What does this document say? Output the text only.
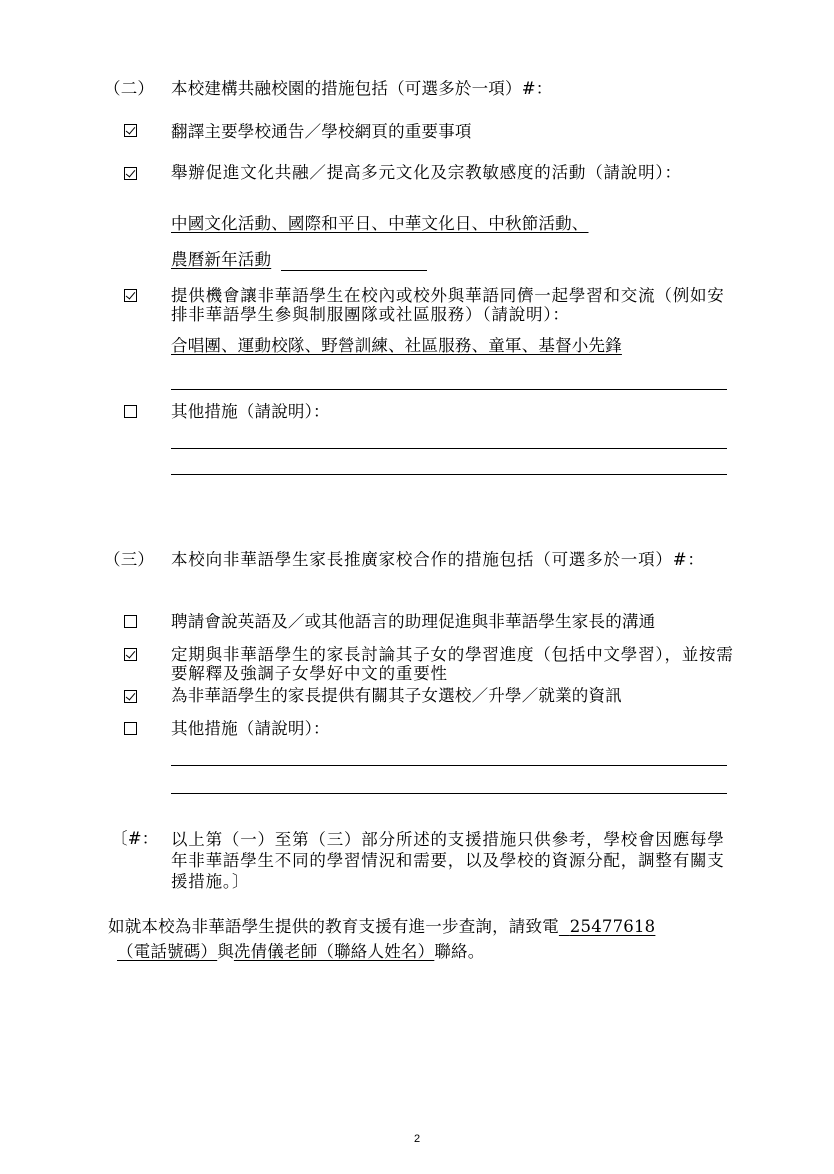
（二） 本校建構共融校園的措施包括（可選多於一項）#：
翻譯主要學校通告／學校網頁的重要事項
舉辦促進文化共融／提高多元文化及宗教敏感度的活動（請說明）：
中國文化活動、國際和平日、中華文化日、中秋節活動、
農曆新年活動
提供機會讓非華語學生在校內或校外與華語同儕一起學習和交流（例如安排非華語學生參與制服團隊或社區服務）（請說明）：
合唱團、運動校隊、野營訓練、社區服務、童軍、基督小先鋒
其他措施（請說明）：
（三） 本校向非華語學生家長推廣家校合作的措施包括（可選多於一項）#：
聘請會說英語及／或其他語言的助理促進與非華語學生家長的溝通
定期與非華語學生的家長討論其子女的學習進度（包括中文學習），並按需要解釋及強調子女學好中文的重要性
為非華語學生的家長提供有關其子女選校／升學／就業的資訊
其他措施（請說明）：
〔#： 以上第（一）至第（三）部分所述的支援措施只供參考，學校會因應每學年非華語學生不同的學習情況和需要，以及學校的資源分配，調整有關支援措施。〕
如就本校為非華語學生提供的教育支援有進一步查詢，請致電 25477618
（電話號碼）與冼倩儀老師（聯絡人姓名）聯絡。
2
